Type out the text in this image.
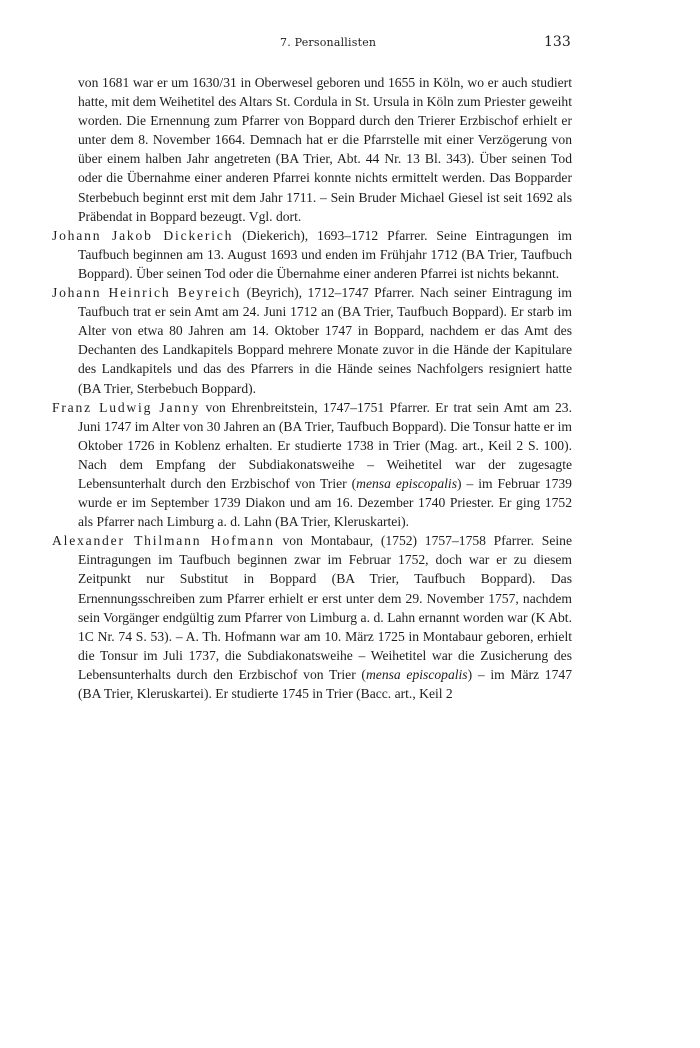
7. Personallisten	133

von 1681 war er um 1630/31 in Oberwesel geboren und 1655 in Köln, wo er auch studiert hatte, mit dem Weihetitel des Altars St. Cordula in St. Ursula in Köln zum Priester geweiht worden. Die Ernennung zum Pfarrer von Boppard durch den Trierer Erzbischof erhielt er unter dem 8. November 1664. Demnach hat er die Pfarrstelle mit einer Verzögerung von über einem halben Jahr angetreten (BA Trier, Abt. 44 Nr. 13 Bl. 343). Über seinen Tod oder die Übernahme einer anderen Pfarrei konnte nichts ermittelt werden. Das Bopparder Sterbebuch beginnt erst mit dem Jahr 1711. – Sein Bruder Michael Giesel ist seit 1692 als Präbendat in Boppard bezeugt. Vgl. dort.

Johann Jakob Dickerich (Diekerich), 1693–1712 Pfarrer. Seine Eintragungen im Taufbuch beginnen am 13. August 1693 und enden im Frühjahr 1712 (BA Trier, Taufbuch Boppard). Über seinen Tod oder die Übernahme einer anderen Pfarrei ist nichts bekannt.

Johann Heinrich Beyreich (Beyrich), 1712–1747 Pfarrer. Nach seiner Eintragung im Taufbuch trat er sein Amt am 24. Juni 1712 an (BA Trier, Taufbuch Boppard). Er starb im Alter von etwa 80 Jahren am 14. Oktober 1747 in Boppard, nachdem er das Amt des Dechanten des Landkapitels Boppard mehrere Monate zuvor in die Hände der Kapitulare des Landkapitels und das des Pfarrers in die Hände seines Nachfolgers resigniert hatte (BA Trier, Sterbebuch Boppard).

Franz Ludwig Janny von Ehrenbreitstein, 1747–1751 Pfarrer. Er trat sein Amt am 23. Juni 1747 im Alter von 30 Jahren an (BA Trier, Taufbuch Boppard). Die Tonsur hatte er im Oktober 1726 in Koblenz erhalten. Er studierte 1738 in Trier (Mag. art., Keil 2 S. 100). Nach dem Empfang der Subdiakonatsweihe – Weihetitel war der zugesagte Lebensunterhalt durch den Erzbischof von Trier (mensa episcopalis) – im Februar 1739 wurde er im September 1739 Diakon und am 16. Dezember 1740 Priester. Er ging 1752 als Pfarrer nach Limburg a. d. Lahn (BA Trier, Kleruskartei).

Alexander Thilmann Hofmann von Montabaur, (1752) 1757–1758 Pfarrer. Seine Eintragungen im Taufbuch beginnen zwar im Februar 1752, doch war er zu diesem Zeitpunkt nur Substitut in Boppard (BA Trier, Taufbuch Boppard). Das Ernennungsschreiben zum Pfarrer erhielt er erst unter dem 29. November 1757, nachdem sein Vorgänger endgültig zum Pfarrer von Limburg a. d. Lahn ernannt worden war (K Abt. 1C Nr. 74 S. 53). – A. Th. Hofmann war am 10. März 1725 in Montabaur geboren, erhielt die Tonsur im Juli 1737, die Subdiakonatsweihe – Weihetitel war die Zusicherung des Lebensunterhalts durch den Erzbischof von Trier (mensa episcopalis) – im März 1747 (BA Trier, Kleruskartei). Er studierte 1745 in Trier (Bacc. art., Keil 2
